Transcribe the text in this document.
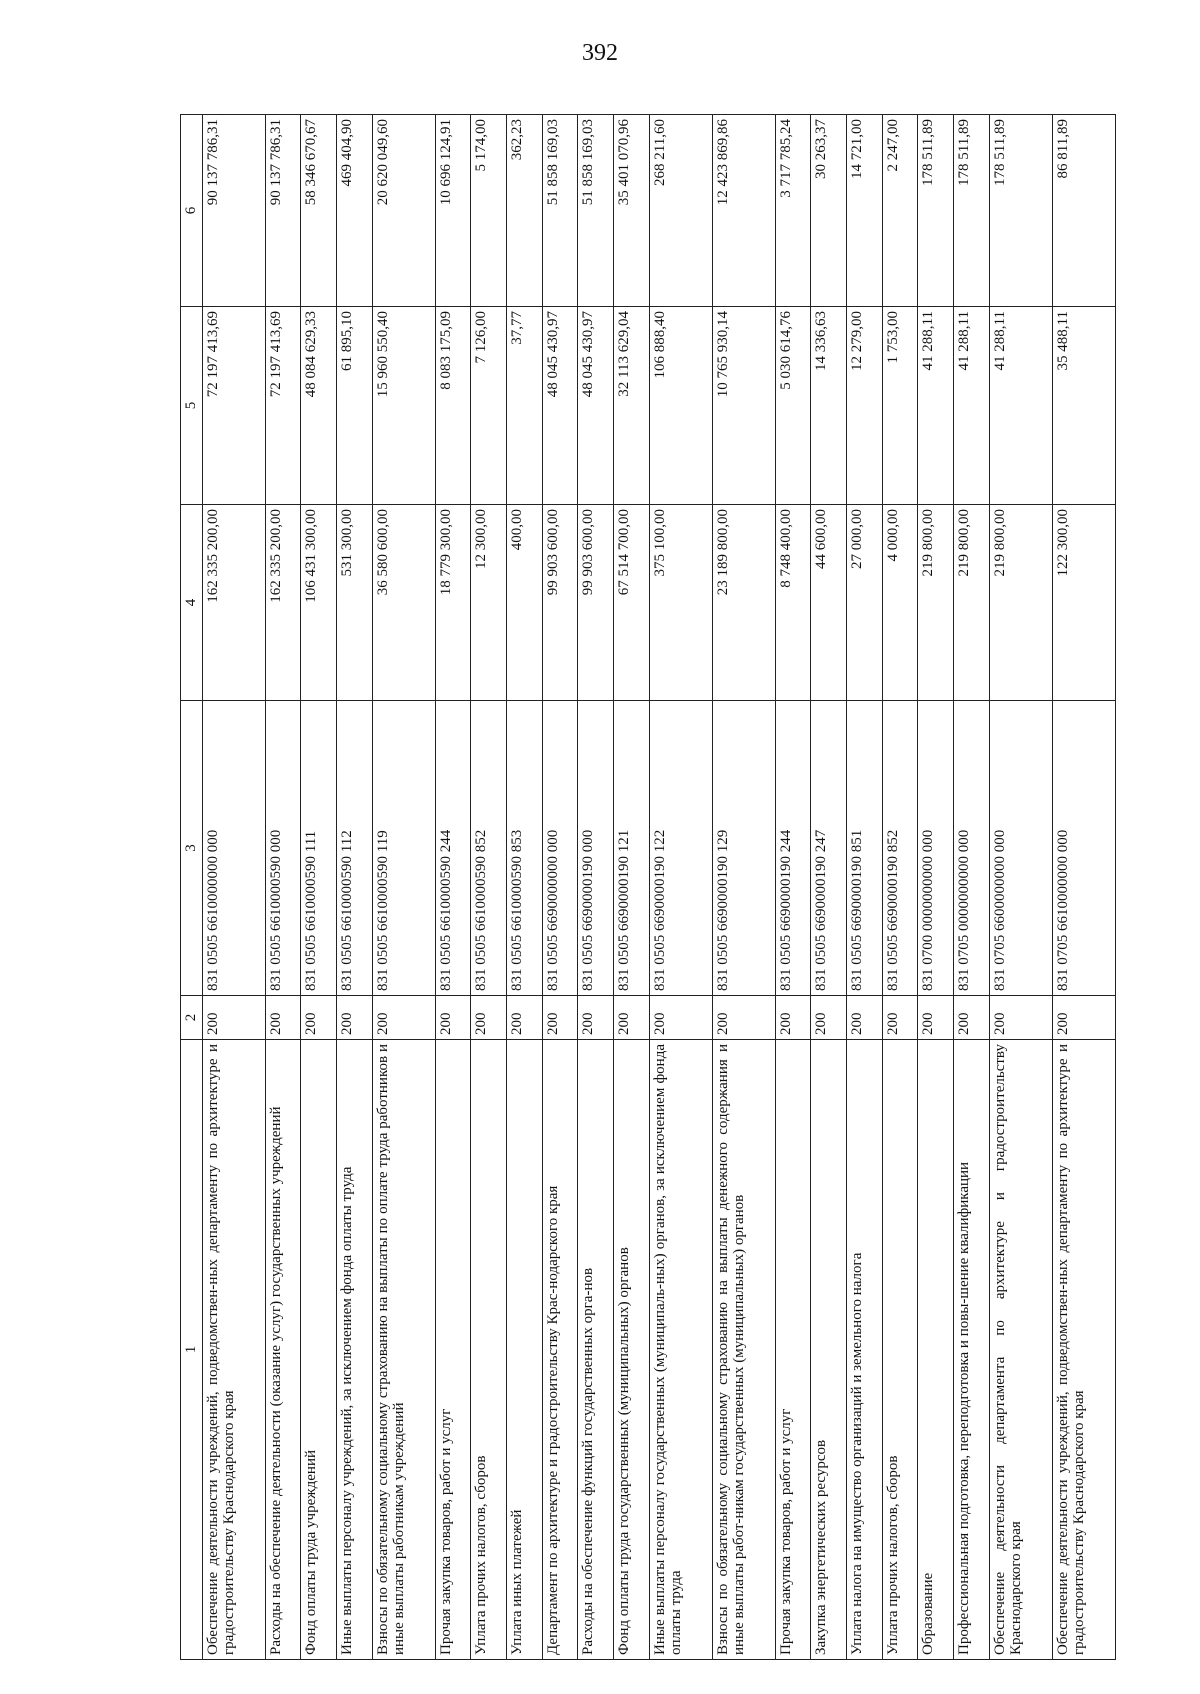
392
1	2	3	4	5	6
Обеспечение деятельности учреждений, подведомствен-ных департаменту по архитектуре и градостроительству Краснодарского края	200	831 0505 6610000000 000	162 335 200,00	72 197 413,69	90 137 786,31
Расходы на обеспечение деятельности (оказание услуг) государственных учреждений	200	831 0505 6610000590 000	162 335 200,00	72 197 413,69	90 137 786,31
Фонд оплаты труда учреждений	200	831 0505 6610000590 111	106 431 300,00	48 084 629,33	58 346 670,67
Иные выплаты персоналу учреждений, за исключением фонда оплаты труда	200	831 0505 6610000590 112	531 300,00	61 895,10	469 404,90
Взносы по обязательному социальному страхованию на выплаты по оплате труда работников и иные выплаты работникам учреждений	200	831 0505 6610000590 119	36 580 600,00	15 960 550,40	20 620 049,60
Прочая закупка товаров, работ и услуг	200	831 0505 6610000590 244	18 779 300,00	8 083 175,09	10 696 124,91
Уплата прочих налогов, сборов	200	831 0505 6610000590 852	12 300,00	7 126,00	5 174,00
Уплата иных платежей	200	831 0505 6610000590 853	400,00	37,77	362,23
Департамент по архитектуре и градостроительству Крас-нодарского края	200	831 0505 6690000000 000	99 903 600,00	48 045 430,97	51 858 169,03
Расходы на обеспечение функций государственных орга-нов	200	831 0505 6690000190 000	99 903 600,00	48 045 430,97	51 858 169,03
Фонд оплаты труда государственных (муниципальных) органов	200	831 0505 6690000190 121	67 514 700,00	32 113 629,04	35 401 070,96
Иные выплаты персоналу государственных (муниципаль-ных) органов, за исключением фонда оплаты труда	200	831 0505 6690000190 122	375 100,00	106 888,40	268 211,60
Взносы по обязательному социальному страхованию на выплаты денежного содержания и иные выплаты работ-никам государственных (муниципальных) органов	200	831 0505 6690000190 129	23 189 800,00	10 765 930,14	12 423 869,86
Прочая закупка товаров, работ и услуг	200	831 0505 6690000190 244	8 748 400,00	5 030 614,76	3 717 785,24
Закупка энергетических ресурсов	200	831 0505 6690000190 247	44 600,00	14 336,63	30 263,37
Уплата налога на имущество организаций и земельного налога	200	831 0505 6690000190 851	27 000,00	12 279,00	14 721,00
Уплата прочих налогов, сборов	200	831 0505 6690000190 852	4 000,00	1 753,00	2 247,00
Образование	200	831 0700 0000000000 000	219 800,00	41 288,11	178 511,89
Профессиональная подготовка, переподготовка и повы-шение квалификации	200	831 0705 0000000000 000	219 800,00	41 288,11	178 511,89
Обеспечение деятельности департамента по архитектуре и градостроительству Краснодарского края	200	831 0705 6600000000 000	219 800,00	41 288,11	178 511,89
Обеспечение деятельности учреждений, подведомствен-ных департаменту по архитектуре и градостроительству Краснодарского края	200	831 0705 6610000000 000	122 300,00	35 488,11	86 811,89
